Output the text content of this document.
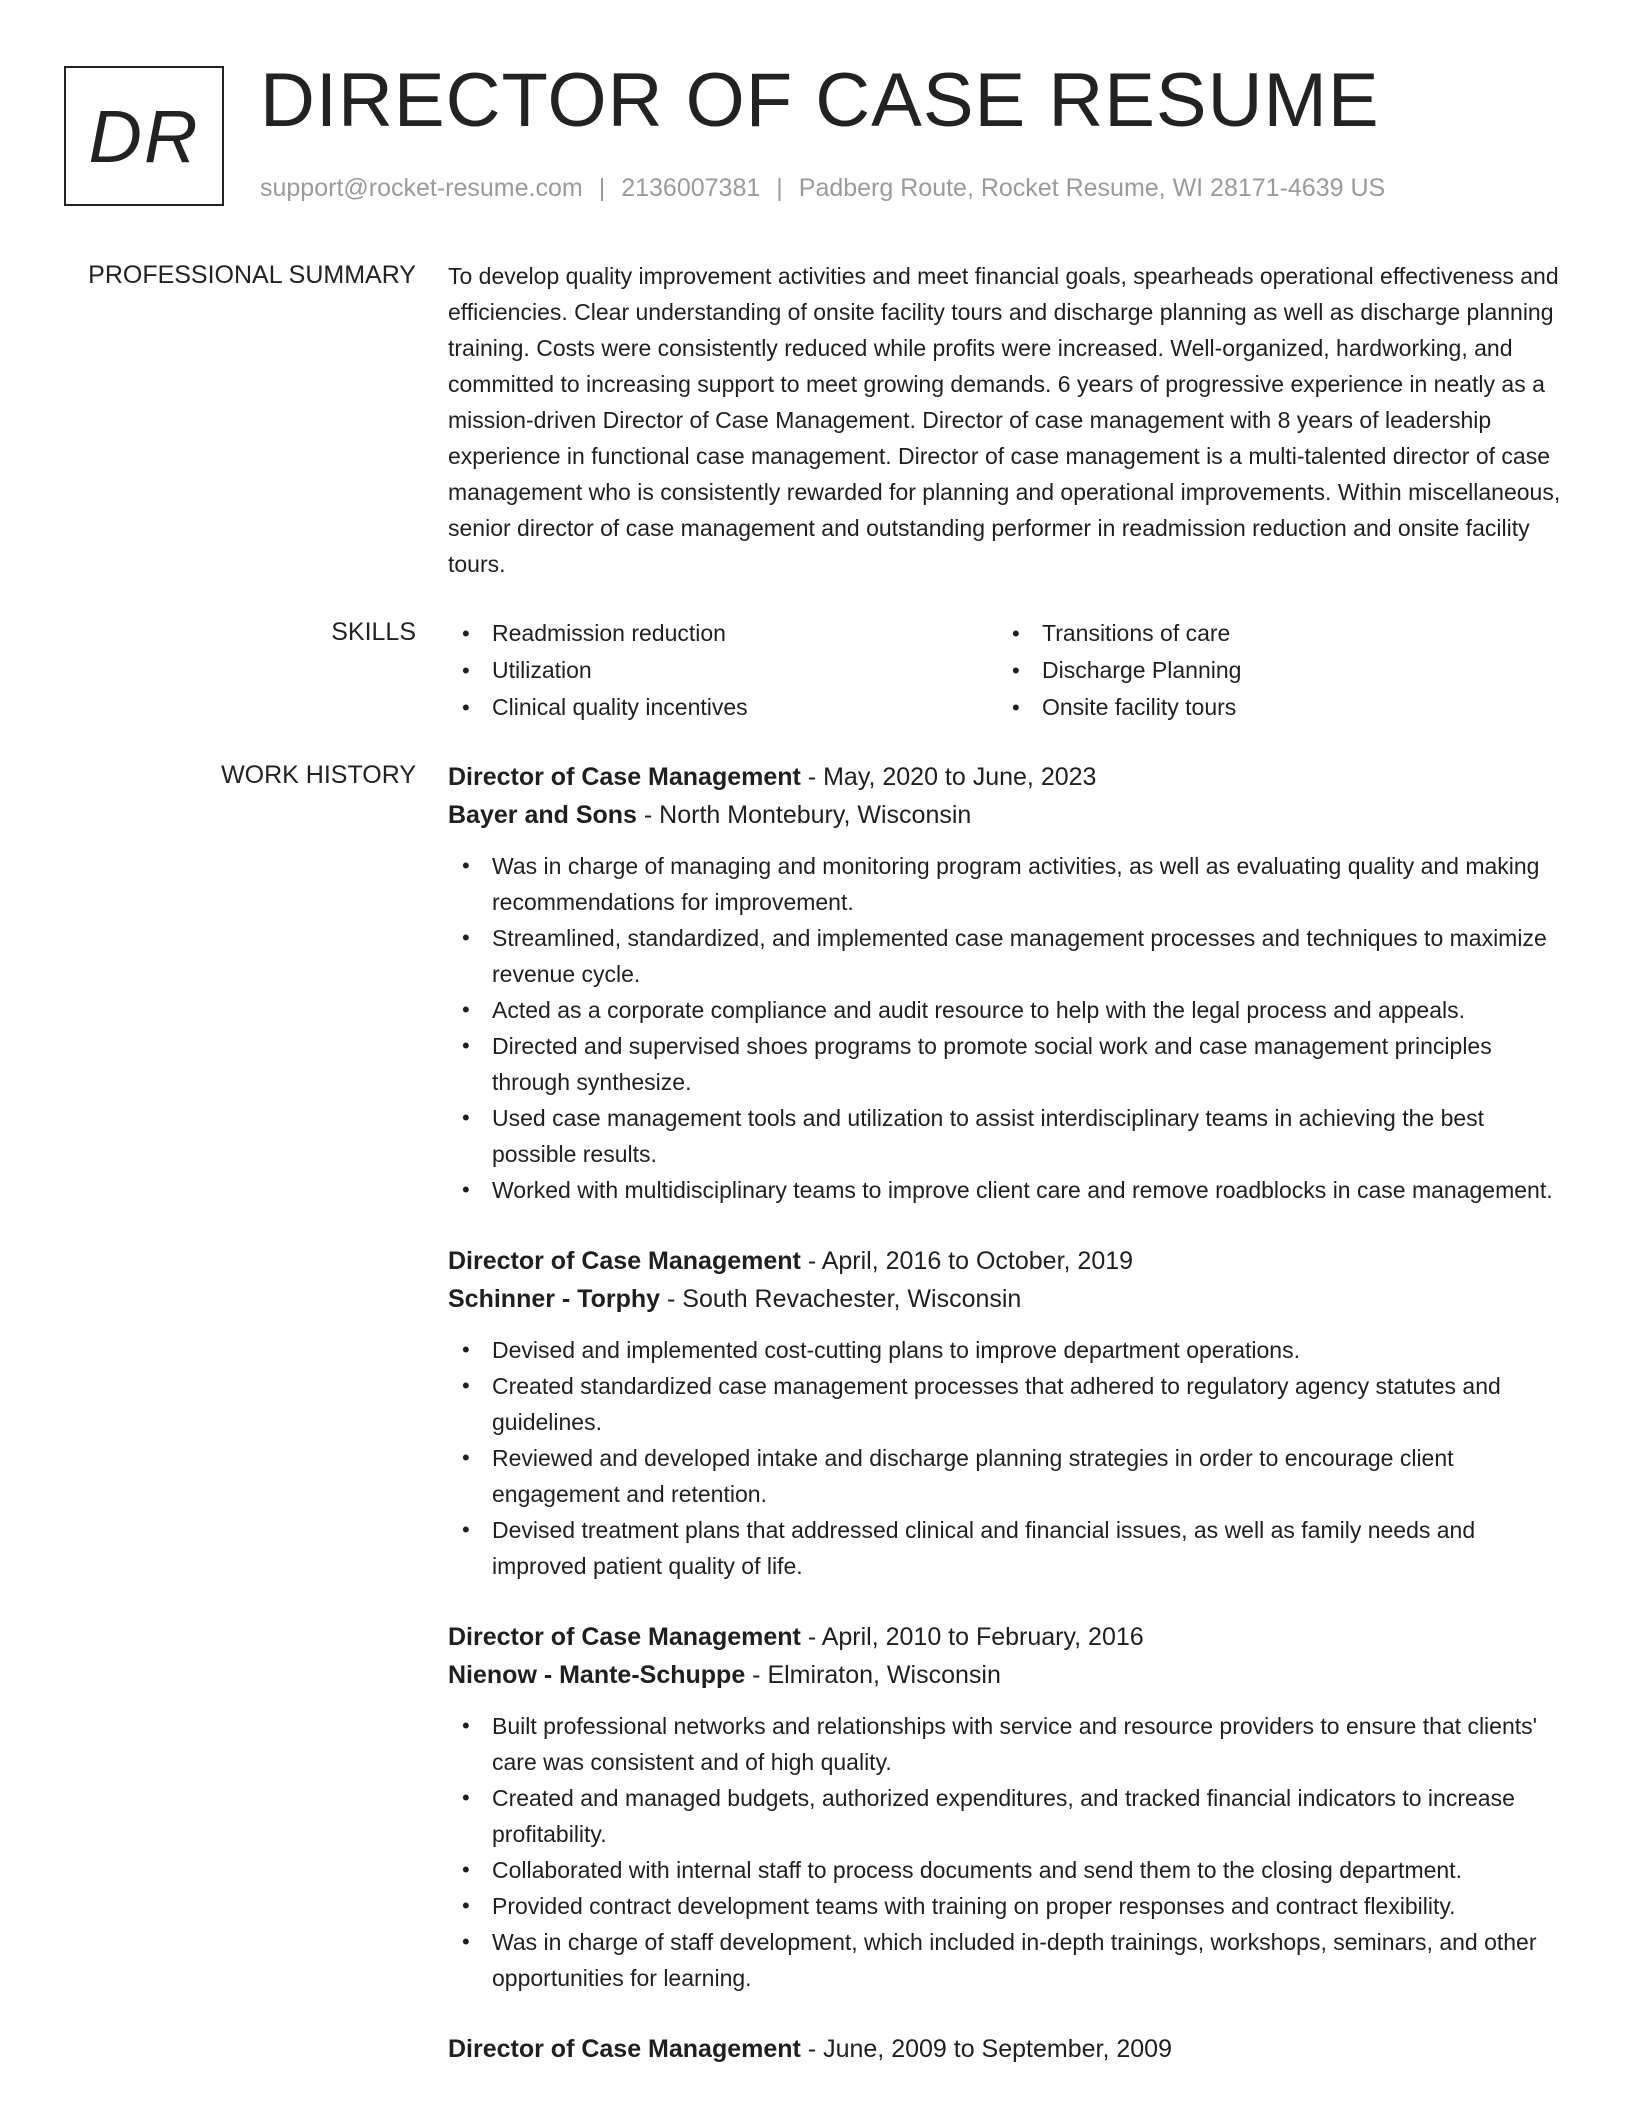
DR DIRECTOR OF CASE RESUME
support@rocket-resume.com | 2136007381 | Padberg Route, Rocket Resume, WI 28171-4639 US
PROFESSIONAL SUMMARY To develop quality improvement activities and meet financial goals, spearheads operational effectiveness and efficiencies. Clear understanding of onsite facility tours and discharge planning as well as discharge planning training. Costs were consistently reduced while profits were increased. Well-organized, hardworking, and committed to increasing support to meet growing demands. 6 years of progressive experience in neatly as a mission-driven Director of Case Management. Director of case management with 8 years of leadership experience in functional case management. Director of case management is a multi-talented director of case management who is consistently rewarded for planning and operational improvements. Within miscellaneous, senior director of case management and outstanding performer in readmission reduction and onsite facility tours.

SKILLS	• Readmission reduction	• Transitions of care
• Utilization	• Discharge Planning
• Clinical quality incentives	• Onsite facility tours
WORK HISTORY Director of Case Management - May, 2020 to June, 2023
Bayer and Sons - North Montebury, Wisconsin
• Was in charge of managing and monitoring program activities, as well as evaluating quality and making recommendations for improvement.
• Streamlined, standardized, and implemented case management processes and techniques to maximize revenue cycle.
• Acted as a corporate compliance and audit resource to help with the legal process and appeals.
• Directed and supervised shoes programs to promote social work and case management principles through synthesize.
• Used case management tools and utilization to assist interdisciplinary teams in achieving the best possible results.
• Worked with multidisciplinary teams to improve client care and remove roadblocks in case management.
Director of Case Management - April, 2016 to October, 2019
Schinner - Torphy - South Revachester, Wisconsin
• Devised and implemented cost-cutting plans to improve department operations.
• Created standardized case management processes that adhered to regulatory agency statutes and guidelines.
• Reviewed and developed intake and discharge planning strategies in order to encourage client engagement and retention.
• Devised treatment plans that addressed clinical and financial issues, as well as family needs and improved patient quality of life.
Director of Case Management - April, 2010 to February, 2016
Nienow - Mante-Schuppe - Elmiraton, Wisconsin
• Built professional networks and relationships with service and resource providers to ensure that clients' care was consistent and of high quality.
• Created and managed budgets, authorized expenditures, and tracked financial indicators to increase profitability.
• Collaborated with internal staff to process documents and send them to the closing department.
• Provided contract development teams with training on proper responses and contract flexibility.
• Was in charge of staff development, which included in-depth trainings, workshops, seminars, and other opportunities for learning.
Director of Case Management - June, 2009 to September, 2009
